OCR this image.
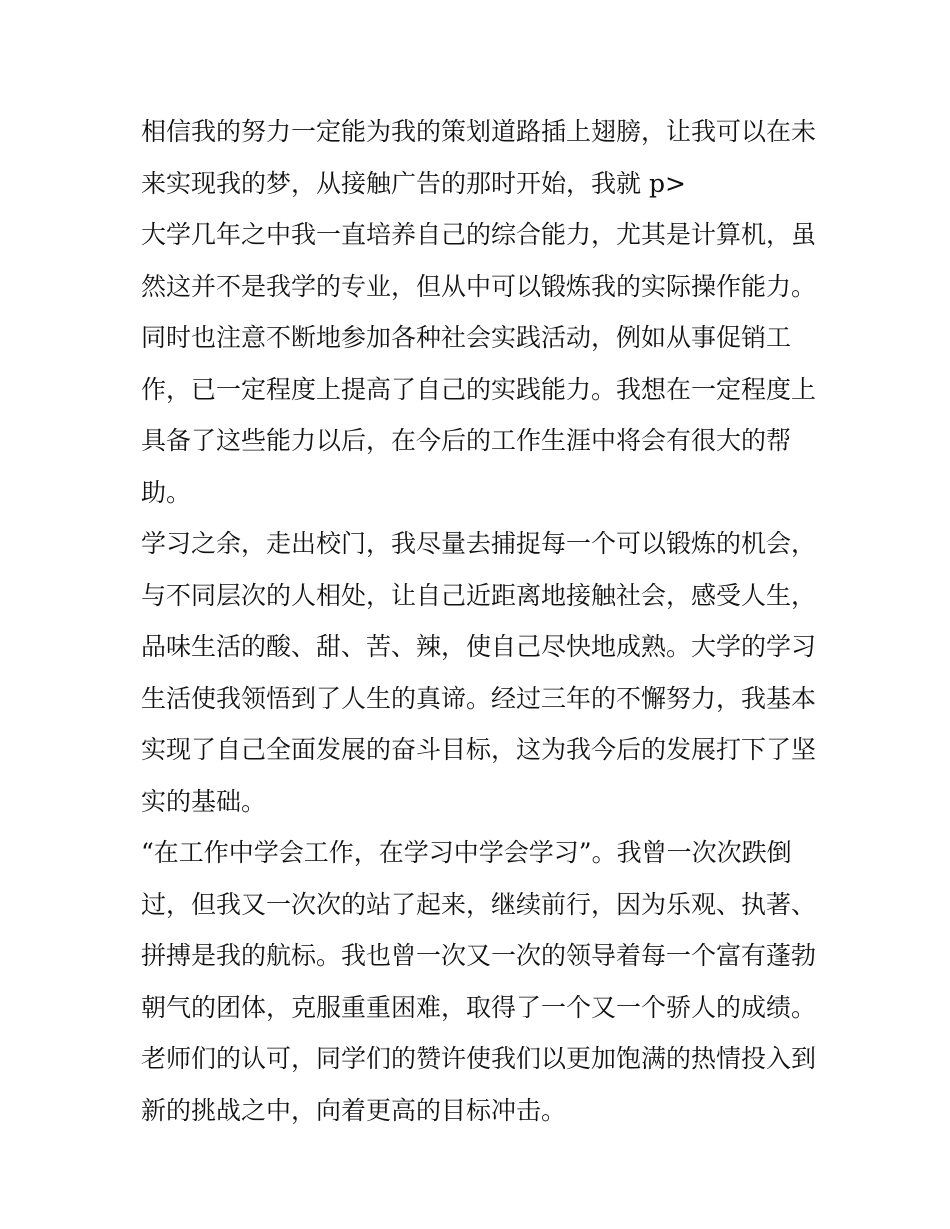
相信我的努力一定能为我的策划道路插上翅膀，让我可以在未
来实现我的梦，从接触广告的那时开始，我就 p>
大学几年之中我一直培养自己的综合能力，尤其是计算机，虽
然这并不是我学的专业，但从中可以锻炼我的实际操作能力。
同时也注意不断地参加各种社会实践活动，例如从事促销工
作，已一定程度上提高了自己的实践能力。我想在一定程度上
具备了这些能力以后，在今后的工作生涯中将会有很大的帮
助。
学习之余，走出校门，我尽量去捕捉每一个可以锻炼的机会，
与不同层次的人相处，让自己近距离地接触社会，感受人生，
品味生活的酸、甜、苦、辣，使自己尽快地成熟。大学的学习
生活使我领悟到了人生的真谛。经过三年的不懈努力，我基本
实现了自己全面发展的奋斗目标，这为我今后的发展打下了坚
实的基础。
“在工作中学会工作，在学习中学会学习”。我曾一次次跌倒
过，但我又一次次的站了起来，继续前行，因为乐观、执著、
拼搏是我的航标。我也曾一次又一次的领导着每一个富有蓬勃
朝气的团体，克服重重困难，取得了一个又一个骄人的成绩。
老师们的认可，同学们的赞许使我们以更加饱满的热情投入到
新的挑战之中，向着更高的目标冲击。
